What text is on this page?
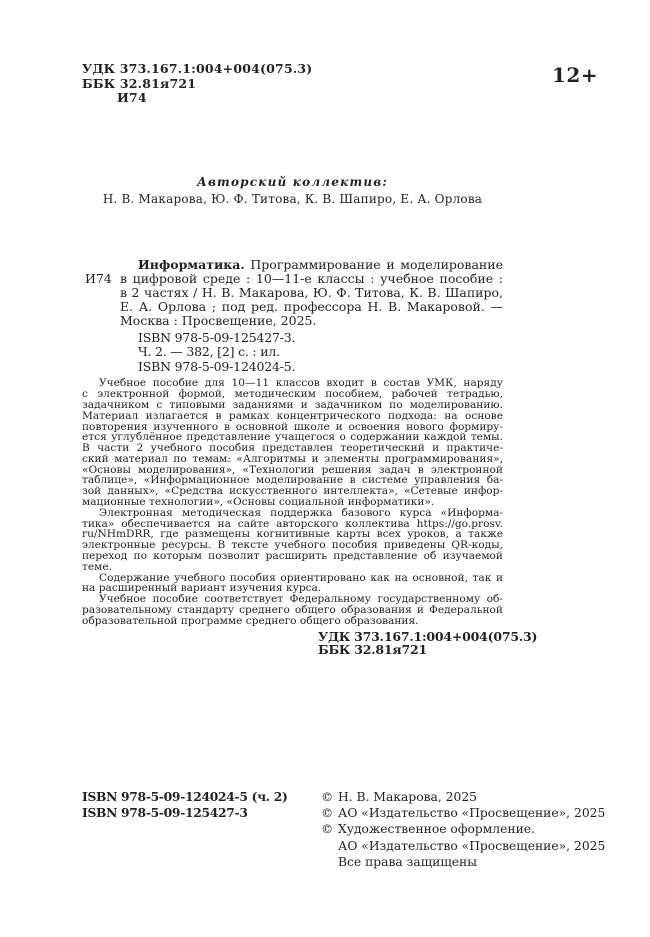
УДК 373.167.1:004+004(075.3)
ББК 32.81я721
И74
12+
Авторский коллектив:
Н. В. Макарова, Ю. Ф. Титова, К. В. Шапиро, Е. А. Орлова
И74
Информатика. Программирование и моделирование
в цифровой среде : 10—11-е классы : учебное пособие :
в 2 частях / Н. В. Макарова, Ю. Ф. Титова, К. В. Шапиро,
Е. А. Орлова ; под ред. профессора Н. В. Макаровой. —
Москва : Просвещение, 2025.
ISBN 978-5-09-125427-3.
Ч. 2. — 382, [2] с. : ил.
ISBN 978-5-09-124024-5.
Учебное пособие для 10—11 классов входит в состав УМК, наряду
с электронной формой, методическим пособием, рабочей тетрадью,
задачником с типовыми заданиями и задачником по моделированию.
Материал излагается в рамках концентрического подхода: на основе
повторения изученного в основной школе и освоения нового формиру-
ется углублённое представление учащегося о содержании каждой темы.
В части 2 учебного пособия представлен теоретический и практиче-
ский материал по темам: «Алгоритмы и элементы программирования»,
«Основы моделирования», «Технологии решения задач в электронной
таблице», «Информационное моделирование в системе управления ба-
зой данных», «Средства искусственного интеллекта», «Сетевые инфор-
мационные технологии», «Основы социальной информатики».
Электронная методическая поддержка базового курса «Информа-
тика» обеспечивается на сайте авторского коллектива https://go.prosv.
ru/NHmDRR, где размещены когнитивные карты всех уроков, а также
электронные ресурсы. В тексте учебного пособия приведены QR-коды,
переход по которым позволит расширить представление об изучаемой
теме.
Содержание учебного пособия ориентировано как на основной, так и
на расширенный вариант изучения курса.
Учебное пособие соответствует Федеральному государственному об-
разовательному стандарту среднего общего образования и Федеральной
образовательной программе среднего общего образования.
УДК 373.167.1:004+004(075.3)
ББК 32.81я721
ISBN 978-5-09-124024-5 (ч. 2)
ISBN 978-5-09-125427-3
© Н. В. Макарова, 2025
© АО «Издательство «Просвещение», 2025
© Художественное оформление.
АО «Издательство «Просвещение», 2025
Все права защищены
